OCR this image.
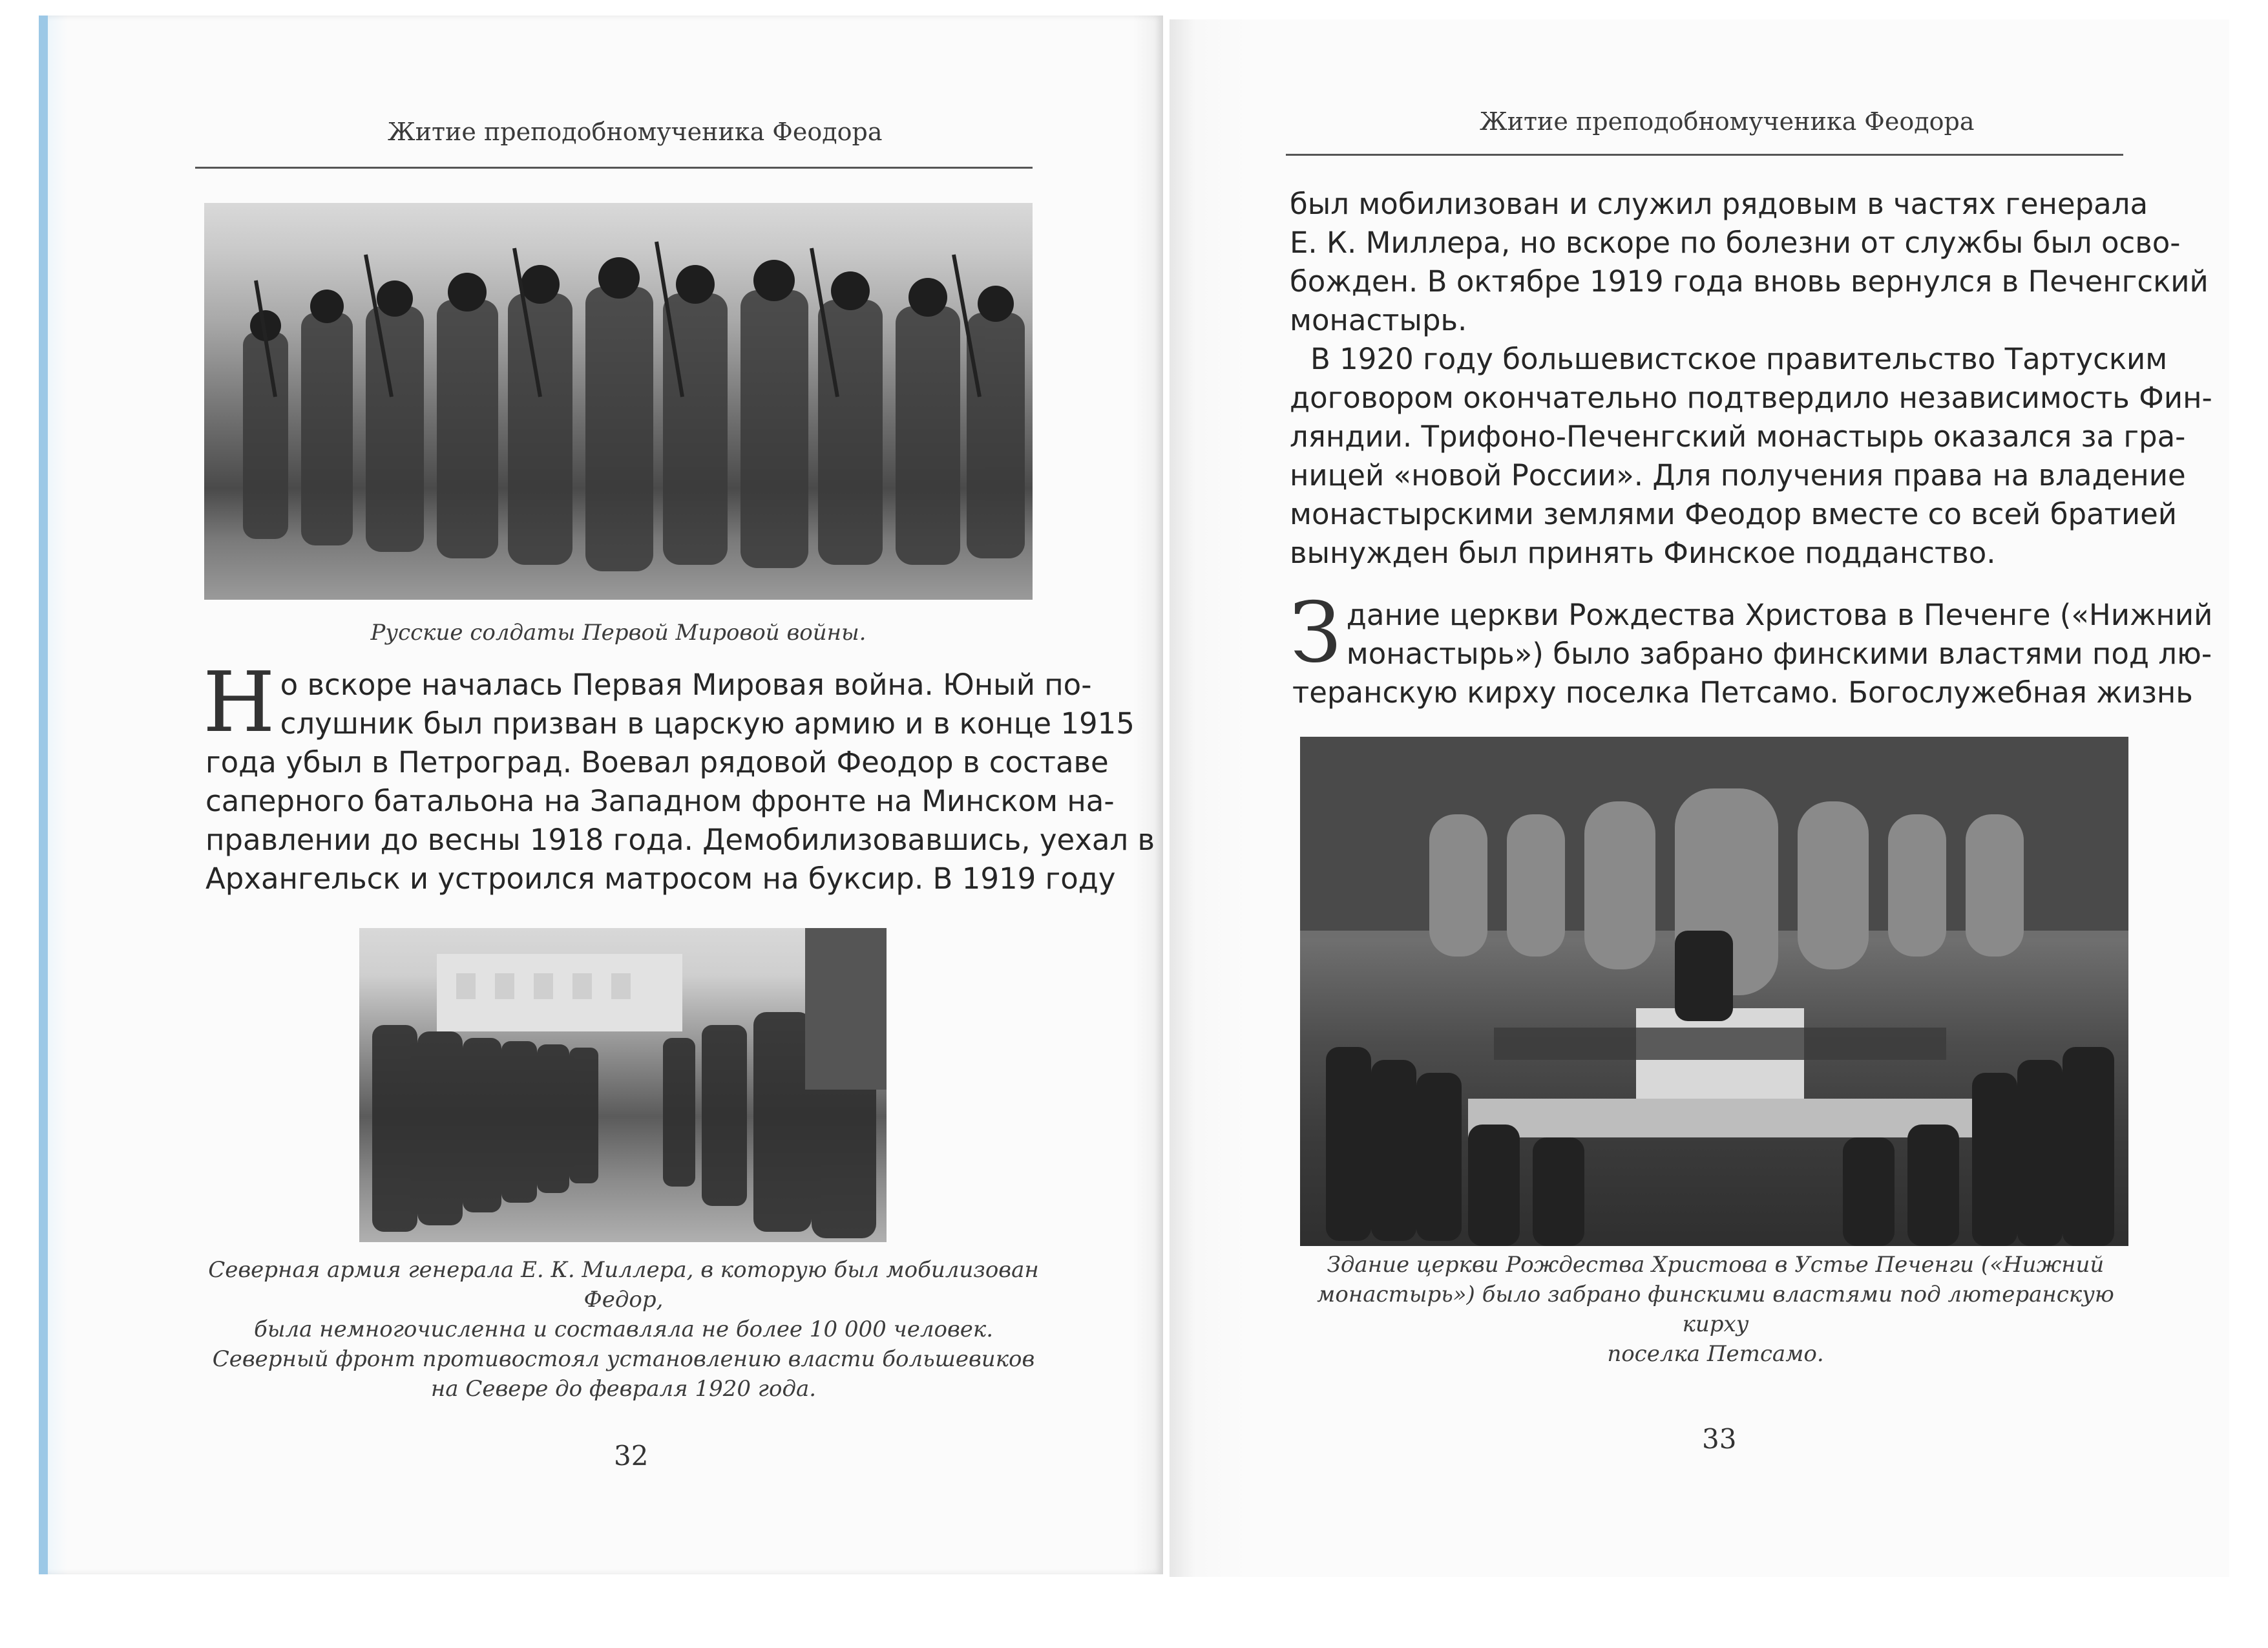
Житие преподобномученика Феодора
Русские солдаты Первой Мировой войны.
Н о вскоре началась Первая Мировая война. Юный по-
слушник был призван в царскую армию и в конце 1915
года убыл в Петроград. Воевал рядовой Феодор в составе
саперного батальона на Западном фронте на Минском на-
правлении до весны 1918 года. Демобилизовавшись, уехал в
Архангельск и устроился матросом на буксир. В 1919 году
Северная армия генерала Е. К. Миллера, в которую был мобилизован Федор,
была немногочисленна и составляла не более 10 000 человек.
Северный фронт противостоял установлению власти большевиков
на Севере до февраля 1920 года.
32
Житие преподобномученика Феодора
был мобилизован и служил рядовым в частях генерала
Е. К. Миллера, но вскоре по болезни от службы был осво-
божден. В октябре 1919 года вновь вернулся в Печенгский
монастырь.
В 1920 году большевистское правительство Тартуским
договором окончательно подтвердило независимость Фин-
ляндии. Трифоно-Печенгский монастырь оказался за гра-
ницей «новой России». Для получения права на владение
монастырскими землями Феодор вместе со всей братией
вынужден был принять Финское подданство.
З дание церкви Рождества Христова в Печенге («Нижний
монастырь») было забрано финскими властями под лю-
теранскую кирху поселка Петсамо. Богослужебная жизнь
Здание церкви Рождества Христова в Устье Печенги («Нижний
монастырь») было забрано финскими властями под лютеранскую кирху
поселка Петсамо.
33
